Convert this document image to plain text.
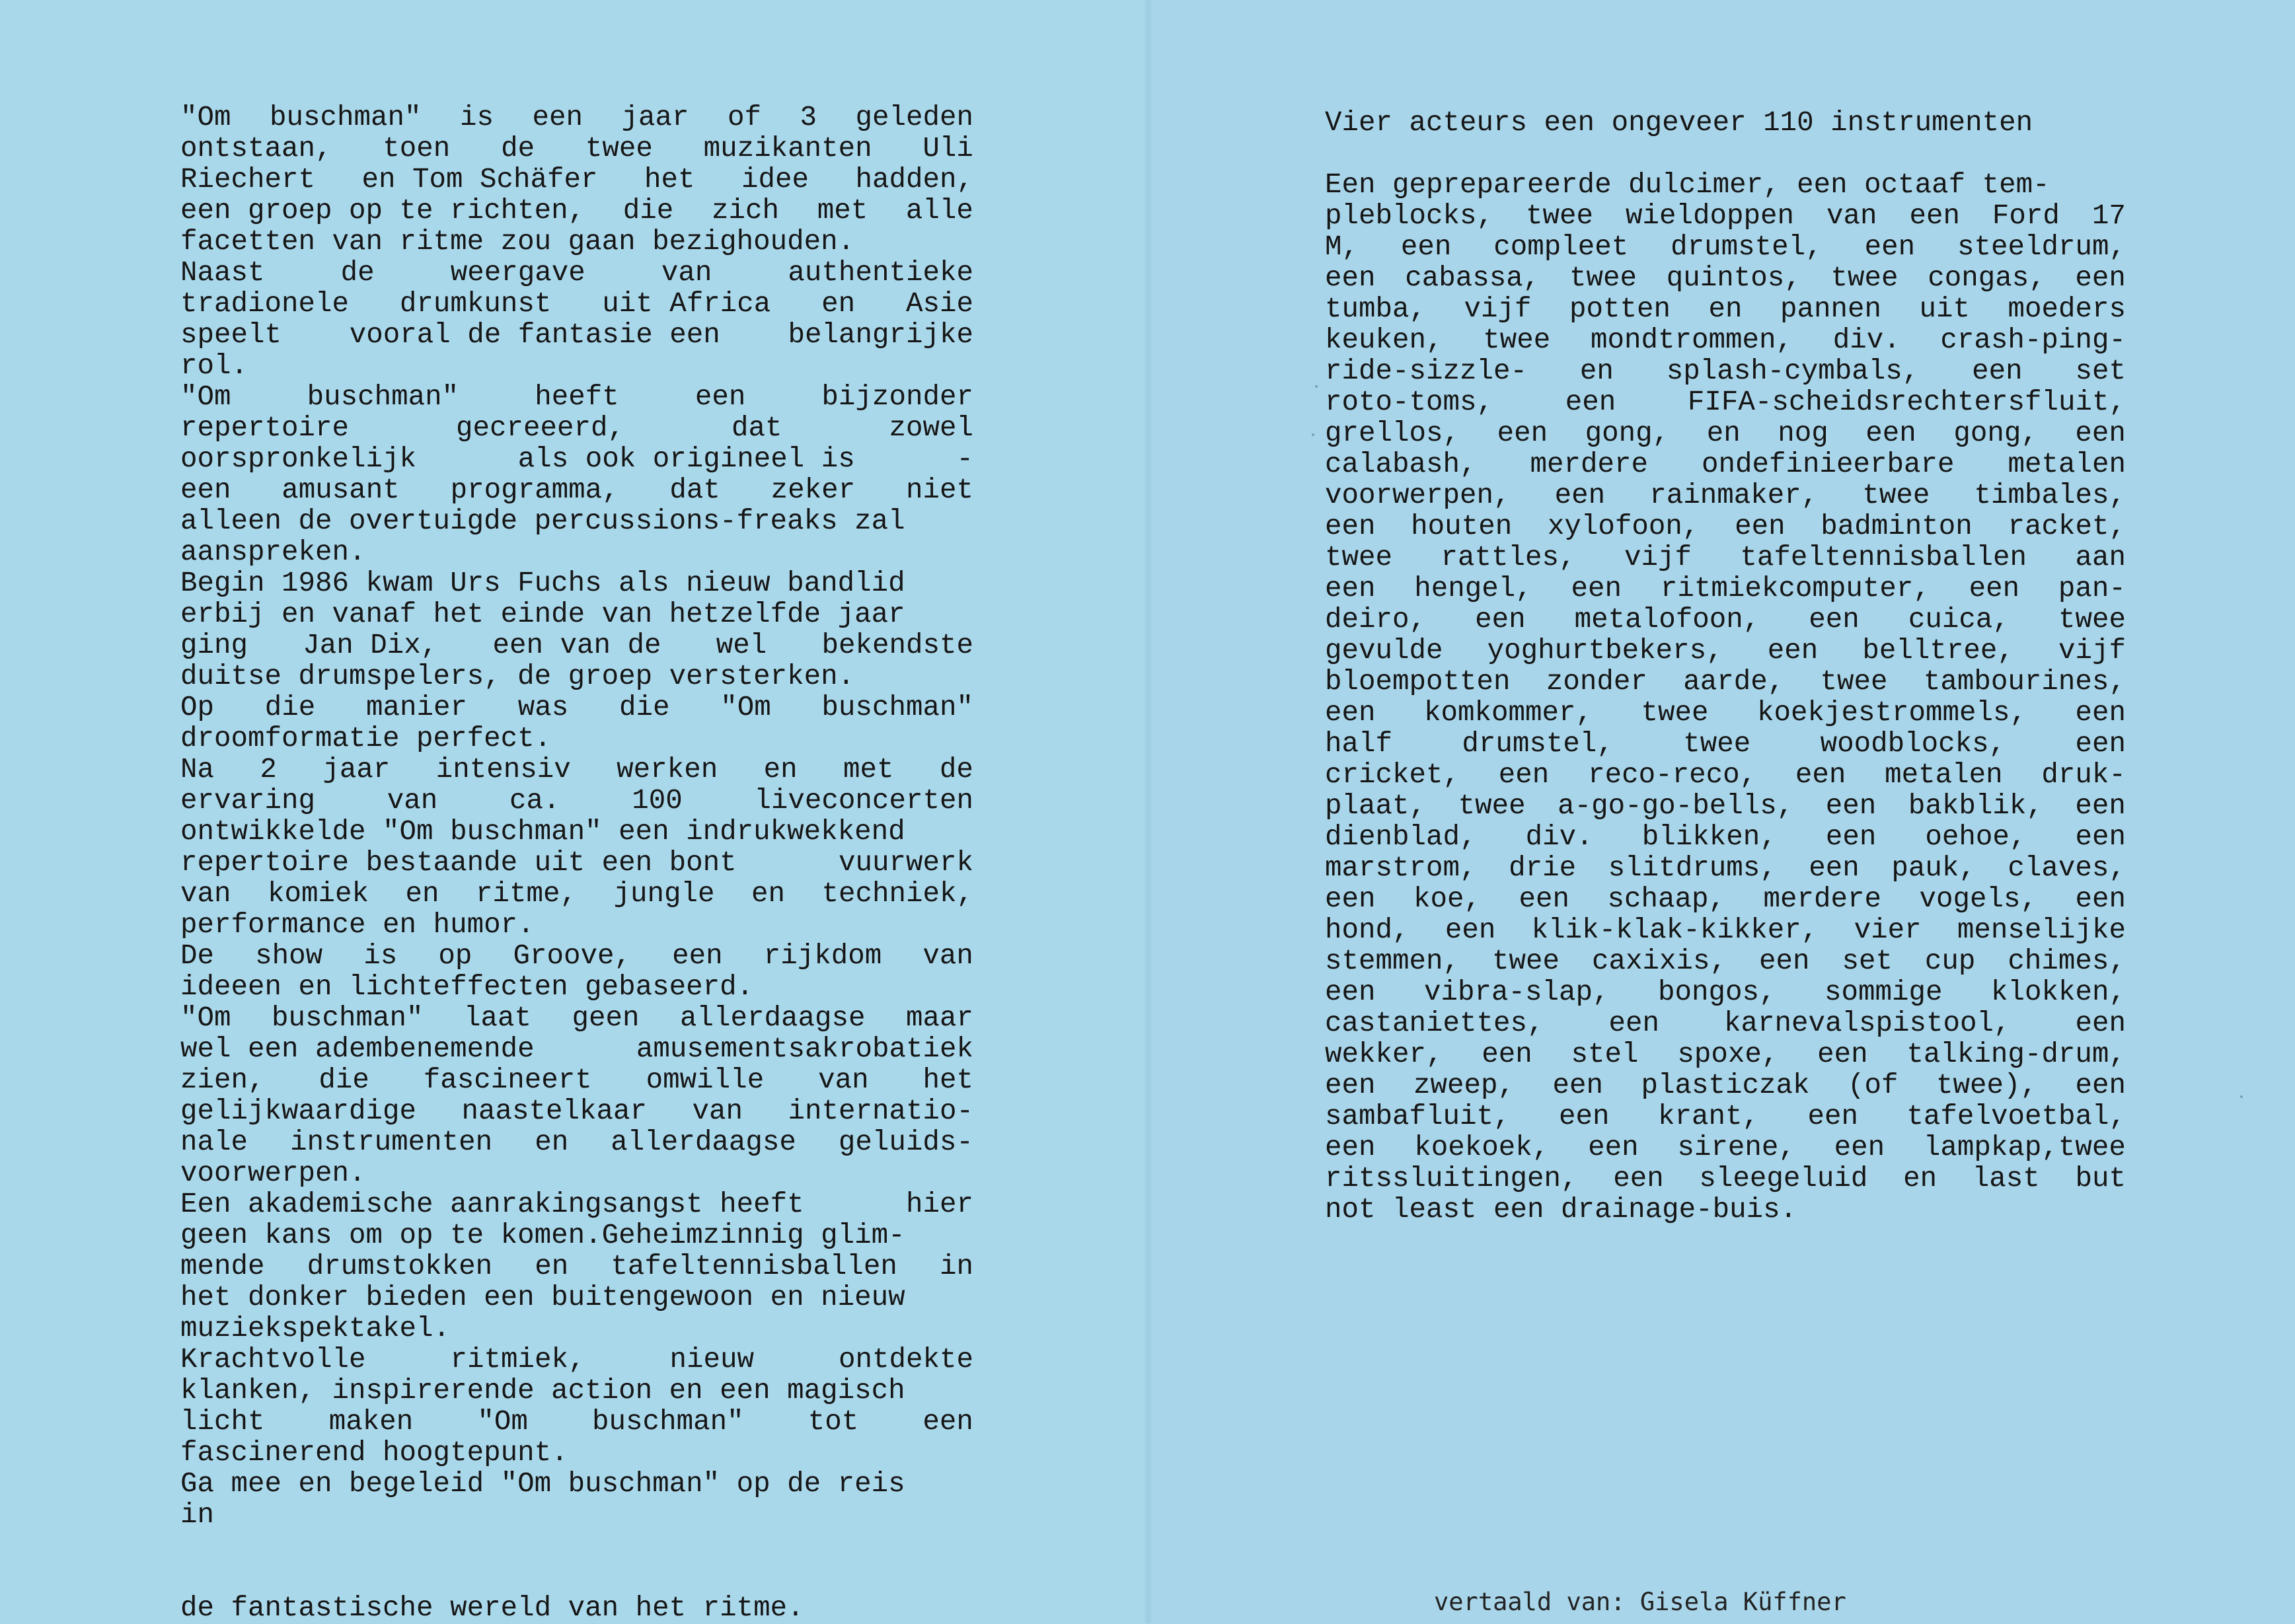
"Om buschman" is een jaar of 3 geleden
ontstaan, toen de twee muzikanten Uli
Riechert en Tom Schäfer het idee hadden,
een groep op te richten, die zich met alle
facetten van ritme zou gaan bezighouden.
Naast	de	weergave	van	authentieke
tradionele drumkunst uit Africa en Asie
speelt vooral de fantasie een belangrijke
rol.
"Om	buschman"	heeft	een	bijzonder
repertoire	gecreeerd,	dat	zowel
oorspronkelijk	als ook origineel is	-
een amusant programma, dat zeker niet
alleen de overtuigde percussions-freaks zal
aanspreken.
Begin 1986 kwam Urs Fuchs als nieuw bandlid
erbij en vanaf het einde van hetzelfde jaar
ging Jan Dix, een van de wel bekendste
duitse drumspelers, de groep versterken.
Op die manier was die "Om buschman"
droomformatie perfect.
Na 2 jaar intensiv werken en met de
ervaring	van	ca.	100	liveconcerten
ontwikkelde "Om buschman" een indrukwekkend
repertoire bestaande uit een bont	vuurwerk
van komiek en ritme, jungle en techniek,
performance en humor.
De show is op Groove, een rijkdom van
ideeen en lichteffecten gebaseerd.
"Om buschman" laat geen allerdaagse maar
wel een adembenemende	amusementsakrobatiek
zien, die fascineert omwille van het
gelijkwaardige naastelkaar van internatio-
nale instrumenten en allerdaagse geluids-
voorwerpen.
Een akademische aanrakingsangst heeft	hier
geen kans om op te komen.Geheimzinnig glim-
mende drumstokken en tafeltennisballen in
het donker bieden een buitengewoon en nieuw
muziekspektakel.
Krachtvolle	ritmiek,	nieuw	ontdekte
klanken, inspirerende action en een magisch
licht maken "Om buschman" tot een
fascinerend hoogtepunt.
Ga mee en begeleid "Om buschman" op de reis
in
de fantastische wereld van het ritme.
Vier acteurs een ongeveer 110 instrumenten
Een geprepareerde dulcimer, een octaaf tem-
pleblocks, twee wieldoppen van een Ford 17
M, een compleet drumstel, een steeldrum,
een cabassa, twee quintos, twee congas, een
tumba, vijf potten en pannen uit moeders
keuken, twee mondtrommen, div. crash-ping-
ride-sizzle- en splash-cymbals, een set
roto-toms,	een	FIFA-scheidsrechtersfluit,
grellos, een gong, en nog een gong, een
calabash, merdere ondefinieerbare metalen
voorwerpen, een rainmaker, twee timbales,
een houten xylofoon, een badminton racket,
twee rattles, vijf tafeltennisballen aan
een hengel, een ritmiekcomputer, een pan-
deiro, een metalofoon, een cuica, twee
gevulde yoghurtbekers, een belltree, vijf
bloempotten zonder aarde, twee tambourines,
een komkommer, twee koekjestrommels, een
half drumstel, twee woodblocks, een
cricket, een reco-reco, een metalen druk-
plaat, twee a-go-go-bells, een bakblik, een
dienblad, div. blikken, een oehoe, een
marstrom, drie slitdrums, een pauk, claves,
een koe, een schaap, merdere vogels, een
hond, een klik-klak-kikker, vier menselijke
stemmen, twee caxixis, een set cup chimes,
een vibra-slap, bongos, sommige klokken,
castaniettes, een karnevalspistool, een
wekker, een stel spoxe, een talking-drum,
een zweep, een plasticzak (of twee), een
sambafluit, een krant, een tafelvoetbal,
een koekoek, een sirene, een lampkap,twee
ritssluitingen, een sleegeluid en last but
not least een drainage-buis.
vertaald van: Gisela Küffner
